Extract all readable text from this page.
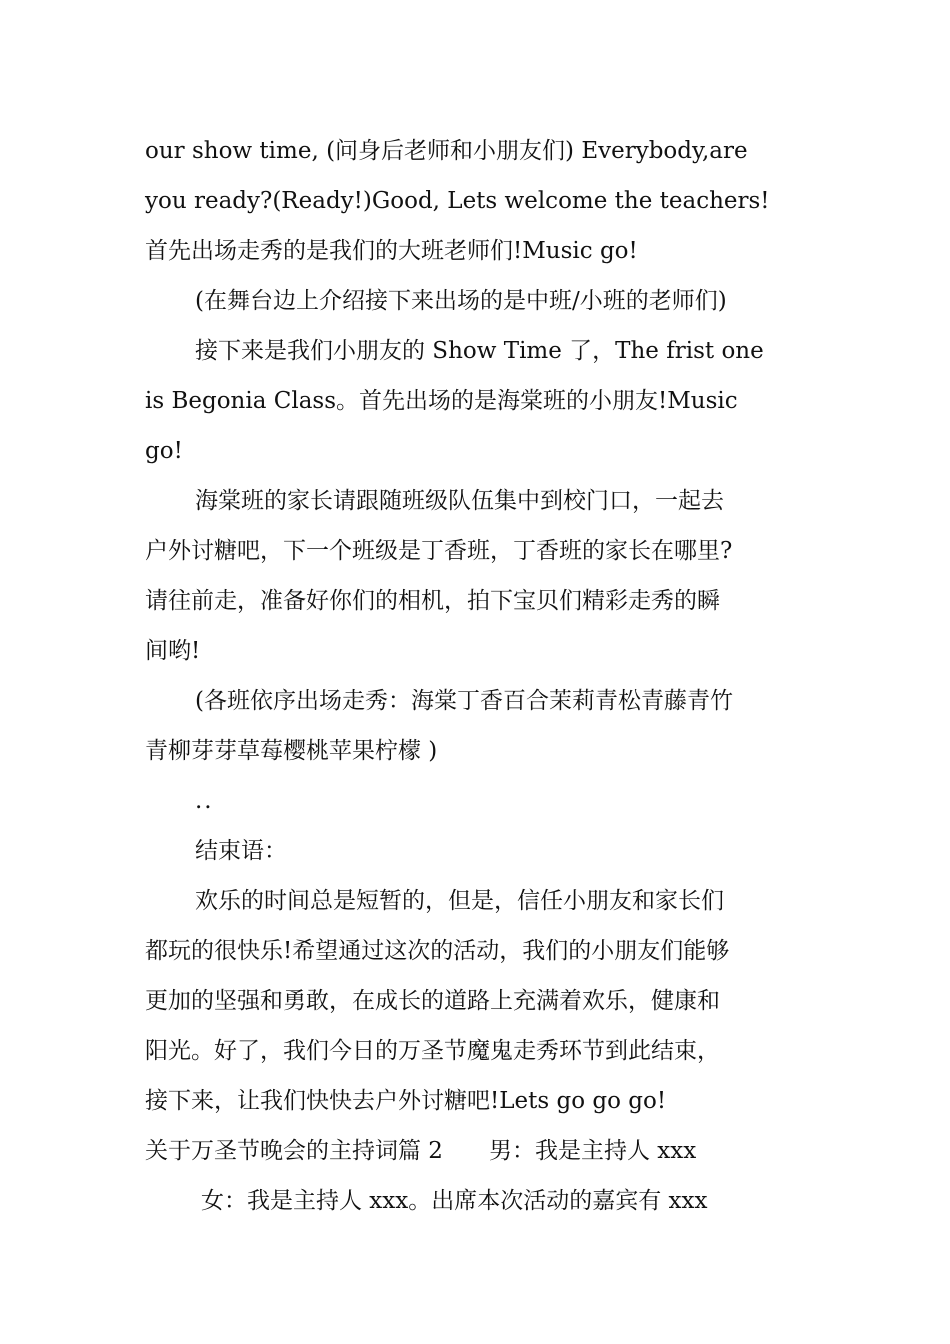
our show time, (问身后老师和小朋友们) Everybody,are
you ready?(Ready!)Good, Lets welcome the teachers!
首先出场走秀的是我们的大班老师们!Music go!

(在舞台边上介绍接下来出场的是中班/小班的老师们)

接下来是我们小朋友的 Show Time 了，The frist one
is Begonia Class。首先出场的是海棠班的小朋友!Music
go!

海棠班的家长请跟随班级队伍集中到校门口，一起去
户外讨糖吧，下一个班级是丁香班，丁香班的家长在哪里?
请往前走，准备好你们的相机，拍下宝贝们精彩走秀的瞬
间哟!

(各班依序出场走秀：海棠丁香百合茉莉青松青藤青竹
青柳芽芽草莓樱桃苹果柠檬 )

..

结束语：

欢乐的时间总是短暂的，但是，信任小朋友和家长们
都玩的很快乐!希望通过这次的活动，我们的小朋友们能够
更加的坚强和勇敢，在成长的道路上充满着欢乐，健康和
阳光。好了，我们今日的万圣节魔鬼走秀环节到此结束，
接下来，让我们快快去户外讨糖吧!Lets go go go!

关于万圣节晚会的主持词篇 2　　男：我是主持人 xxx

女：我是主持人 xxx。出席本次活动的嘉宾有 xxx
